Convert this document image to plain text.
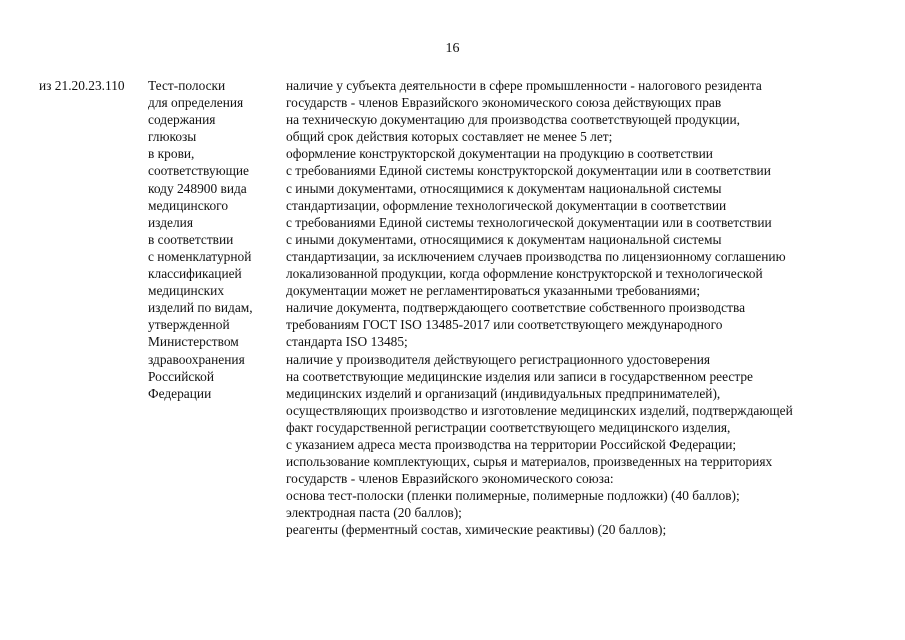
16
из 21.20.23.110 Тест-полоски
для определения
содержания
глюкозы
в крови,
соответствующие
коду 248900 вида
медицинского
изделия
в соответствии
с номенклатурной
классификацией
медицинских
изделий по видам,
утвержденной
Министерством
здравоохранения
Российской
Федерации
наличие у субъекта деятельности в сфере промышленности - налогового резидента
государств - членов Евразийского экономического союза действующих прав
на техническую документацию для производства соответствующей продукции,
общий срок действия которых составляет не менее 5 лет;
оформление конструкторской документации на продукцию в соответствии
с требованиями Единой системы конструкторской документации или в соответствии
с иными документами, относящимися к документам национальной системы
стандартизации, оформление технологической документации в соответствии
с требованиями Единой системы технологической документации или в соответствии
с иными документами, относящимися к документам национальной системы
стандартизации, за исключением случаев производства по лицензионному соглашению
локализованной продукции, когда оформление конструкторской и технологической
документации может не регламентироваться указанными требованиями;
наличие документа, подтверждающего соответствие собственного производства
требованиям ГОСТ ISO 13485-2017 или соответствующего международного
стандарта ISO 13485;
наличие у производителя действующего регистрационного удостоверения
на соответствующие медицинские изделия или записи в государственном реестре
медицинских изделий и организаций (индивидуальных предпринимателей),
осуществляющих производство и изготовление медицинских изделий, подтверждающей
факт государственной регистрации соответствующего медицинского изделия,
с указанием адреса места производства на территории Российской Федерации;
использование комплектующих, сырья и материалов, произведенных на территориях
государств - членов Евразийского экономического союза:
основа тест-полоски (пленки полимерные, полимерные подложки) (40 баллов);
электродная паста (20 баллов);
реагенты (ферментный состав, химические реактивы) (20 баллов);
